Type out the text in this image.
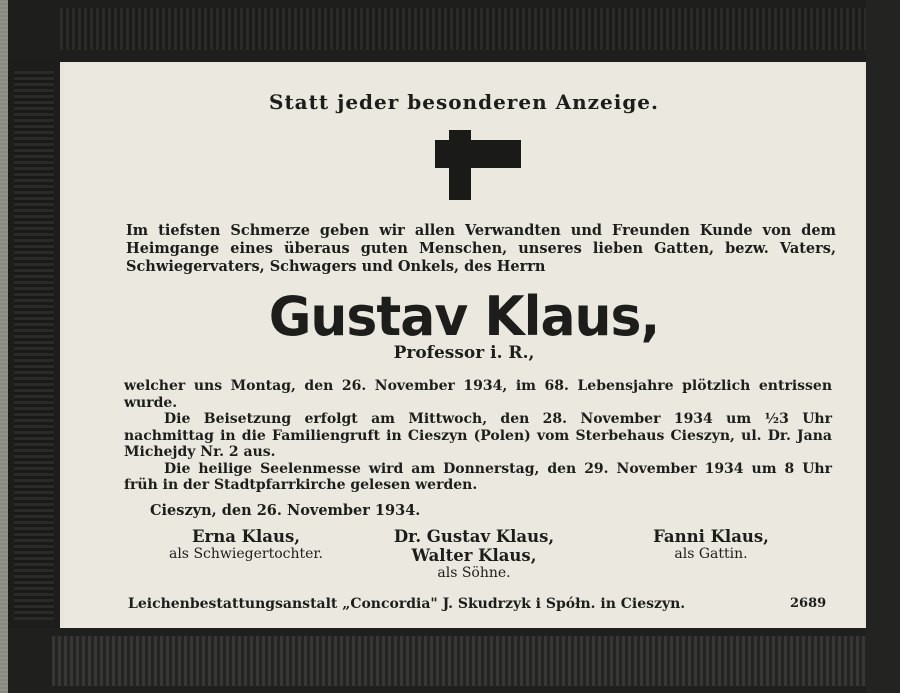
Statt jeder besonderen Anzeige.
Im tiefsten Schmerze geben wir allen Verwandten und Freunden Kunde von dem Heimgange eines überaus guten Menschen, unseres lieben Gatten, bezw. Vaters, Schwiegervaters, Schwagers und Onkels, des Herrn
Gustav Klaus,
Professor i. R.,

welcher uns Montag, den 26. November 1934, im 68. Lebensjahre plötzlich entrissen wurde.

Die Beisetzung erfolgt am Mittwoch, den 28. November 1934 um ½3 Uhr nachmittag in die Familiengruft in Cieszyn (Polen) vom Sterbehaus Cieszyn, ul. Dr. Jana Michejdy Nr. 2 aus.

Die heilige Seelenmesse wird am Donnerstag, den 29. November 1934 um 8 Uhr früh in der Stadtpfarrkirche gelesen werden.

Cieszyn, den 26. November 1934.
Erna Klaus,
als Schwiegertochter.
Dr. Gustav Klaus,
Walter Klaus,
als Söhne.
Fanni Klaus,
als Gattin.
Leichenbestattungsanstalt „Concordia" J. Skudrzyk i Spółn. in Cieszyn.	2689
